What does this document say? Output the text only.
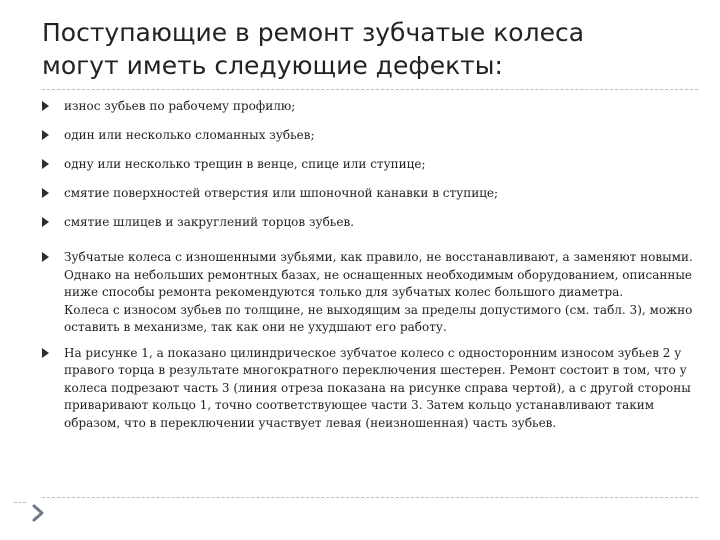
Поступающие в ремонт зубчатые колеса
могут иметь следующие дефекты:
износ зубьев по рабочему профилю;
один или несколько сломанных зубьев;
одну или несколько трещин в венце, спице или ступице;
смятие поверхностей отверстия или шпоночной канавки в ступице;
смятие шлицев и закруглений торцов зубьев.
Зубчатые колеса с изношенными зубьями, как правило, не восстанавливают, а заменяют новыми. Однако на небольших ремонтных базах, не оснащенных необходимым оборудованием, описанные ниже способы ремонта рекомендуются только для зубчатых колес большого диаметра.
Колеса с износом зубьев по толщине, не выходящим за пределы допустимого (см. табл. 3), можно оставить в механизме, так как они не ухудшают его работу.
На рисунке 1, а показано цилиндрическое зубчатое колесо с односторонним износом зубьев 2 у правого торца в результате многократного переключения шестерен. Ремонт состоит в том, что у колеса подрезают часть 3 (линия отреза показана на рисунке справа чертой), а с другой стороны приваривают кольцо 1, точно соответствующее части 3. Затем кольцо устанавливают таким образом, что в переключении участвует левая (неизношенная) часть зубьев.
